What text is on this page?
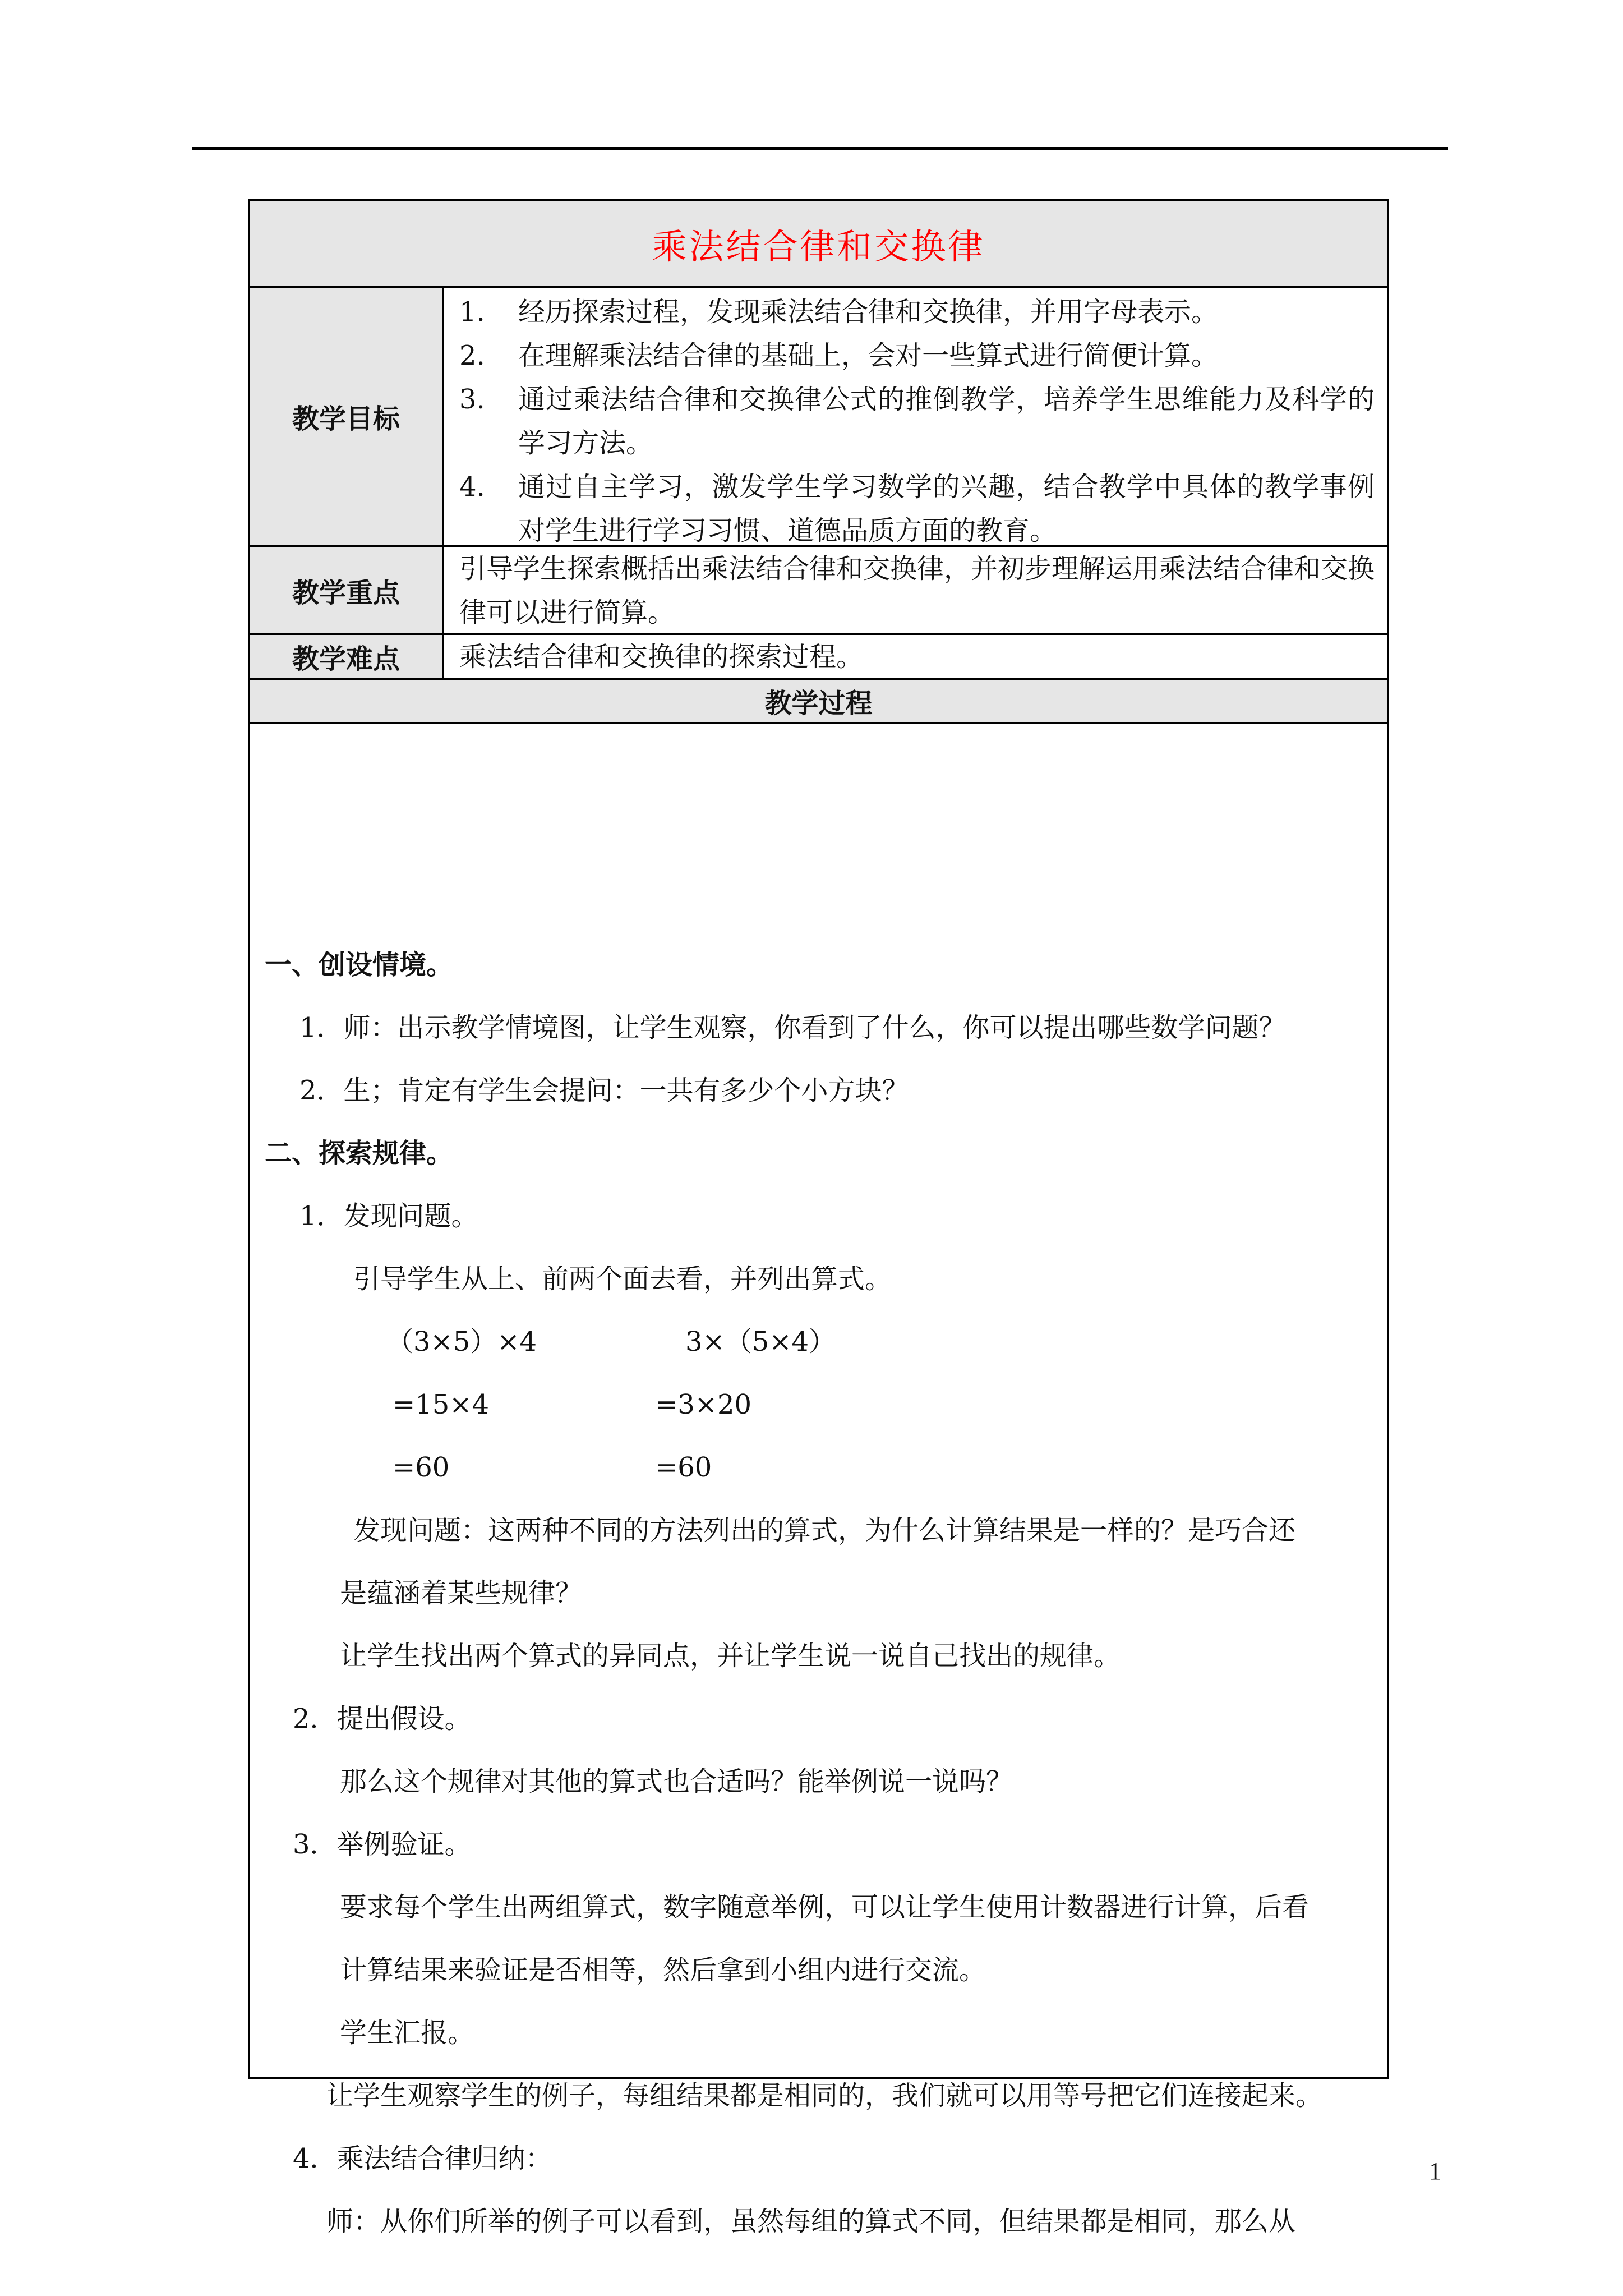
乘法结合律和交换律
教学目标
1.	经历探索过程，发现乘法结合律和交换律，并用字母表示。
2.	在理解乘法结合律的基础上，会对一些算式进行简便计算。
3.	通过乘法结合律和交换律公式的推倒教学，培养学生思维能力及科学的学习方法。
4.	通过自主学习，激发学生学习数学的兴趣，结合教学中具体的教学事例对学生进行学习习惯、道德品质方面的教育。
教学重点
引导学生探索概括出乘法结合律和交换律，并初步理解运用乘法结合律和交换律可以进行简算。
教学难点	乘法结合律和交换律的探索过程。
教学过程
一、创设情境。
1．师：出示教学情境图，让学生观察，你看到了什么，你可以提出哪些数学问题？
2．生；肯定有学生会提问：一共有多少个小方块？
二、探索规律。
1．发现问题。
引导学生从上、前两个面去看，并列出算式。
（3×5）×4	3×（5×4）
=15×4	=3×20
=60	=60
发现问题：这两种不同的方法列出的算式，为什么计算结果是一样的？是巧合还
是蕴涵着某些规律？
让学生找出两个算式的异同点，并让学生说一说自己找出的规律。
2．提出假设。
那么这个规律对其他的算式也合适吗？能举例说一说吗？
3．举例验证。
要求每个学生出两组算式，数字随意举例，可以让学生使用计数器进行计算，后看
计算结果来验证是否相等，然后拿到小组内进行交流。
学生汇报。
让学生观察学生的例子，每组结果都是相同的，我们就可以用等号把它们连接起来。
4．乘法结合律归纳：
师：从你们所举的例子可以看到，虽然每组的算式不同，但结果都是相同，那么从
1
